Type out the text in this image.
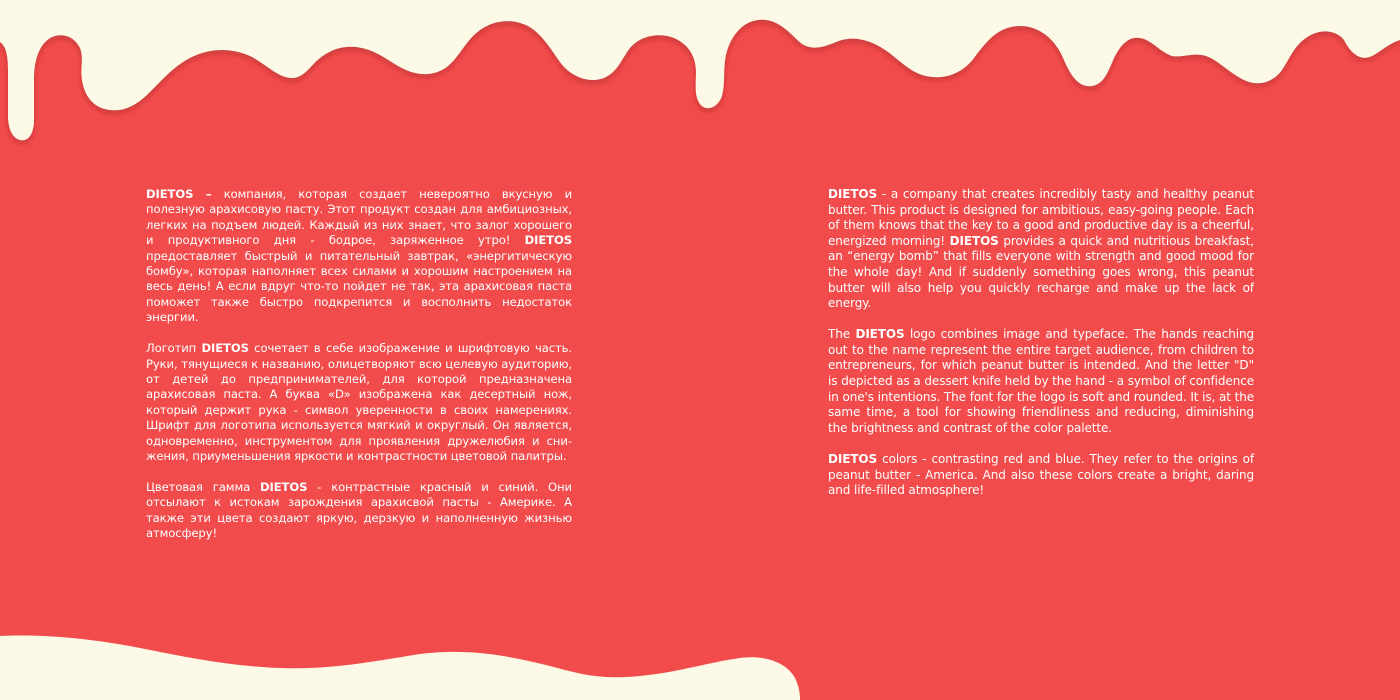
DIETOS – компания, которая создает невероятно вкусную и полезную арахисовую пасту. Этот продукт создан для амбициозных, легких на подъем людей. Каждый из них знает, что залог хорошего и продуктивного дня - бодрое, заряженное утро! DIETOS предоставляет быстрый и питательный завтрак, «энергитическую бомбу», которая наполняет всех силами и хорошим настроением на весь день! А если вдруг что-то пойдет не так, эта арахисовая паста поможет также быстро подкрепится и восполнить недостаток энергии.

Логотип DIETOS сочетает в себе изображение и шрифтовую часть. Руки, тянущиеся к названию, олицетворяют всю целевую аудиторию, от детей до предпринимателей, для которой предназначена арахисовая паста. А буква «D» изображена как десертный нож, который держит рука - символ уверенности в своих намерениях. Шрифт для логотипа используется мягкий и округлый. Он является, одновременно, инструментом для проявления дружелюбия и снижения, приуменьшения яркости и контрастности цветовой палитры.

Цветовая гамма DIETOS - контрастные красный и синий. Они отсылают к истокам зарождения арахисвой пасты - Америке. А также эти цвета создают яркую, дерзкую и наполненную жизнью атмосферу!

DIETOS - a company that creates incredibly tasty and healthy peanut butter. This product is designed for ambitious, easy-going people. Each of them knows that the key to a good and productive day is a cheerful, energized morning! DIETOS provides a quick and nutritious breakfast, an “energy bomb” that fills everyone with strength and good mood for the whole day! And if suddenly something goes wrong, this peanut butter will also help you quickly recharge and make up the lack of energy.

The DIETOS logo combines image and typeface. The hands reaching out to the name represent the entire target audience, from children to entrepreneurs, for which peanut butter is intended. And the letter "D" is depicted as a dessert knife held by the hand - a symbol of confidence in one's intentions. The font for the logo is soft and rounded. It is, at the same time, a tool for showing friendliness and reducing, diminishing the brightness and contrast of the color palette.

DIETOS colors - contrasting red and blue. They refer to the origins of peanut butter - America. And also these colors create a bright, daring and life-filled atmosphere!
